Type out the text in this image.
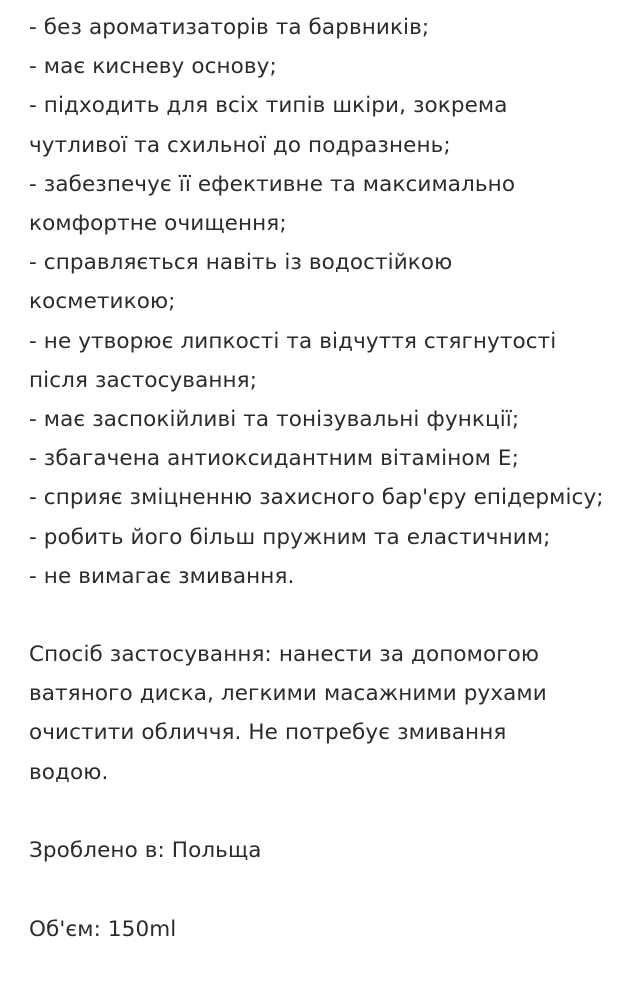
- без ароматизаторів та барвників;
- має кисневу основу;
- підходить для всіх типів шкіри, зокрема чутливої та схильної до подразнень;
- забезпечує її ефективне та максимально комфортне очищення;
- справляється навіть із водостійкою косметикою;
- не утворює липкості та відчуття стягнутості після застосування;
- має заспокійливі та тонізувальні функції;
- збагачена антиоксидантним вітаміном Е;
- сприяє зміцненню захисного бар'єру епідермісу;
- робить його більш пружним та еластичним;
- не вимагає змивання.

Спосіб застосування: нанести за допомогою ватяного диска, легкими масажними рухами очистити обличчя. Не потребує змивання водою.

Зроблено в: Польща

Об'єм: 150ml
